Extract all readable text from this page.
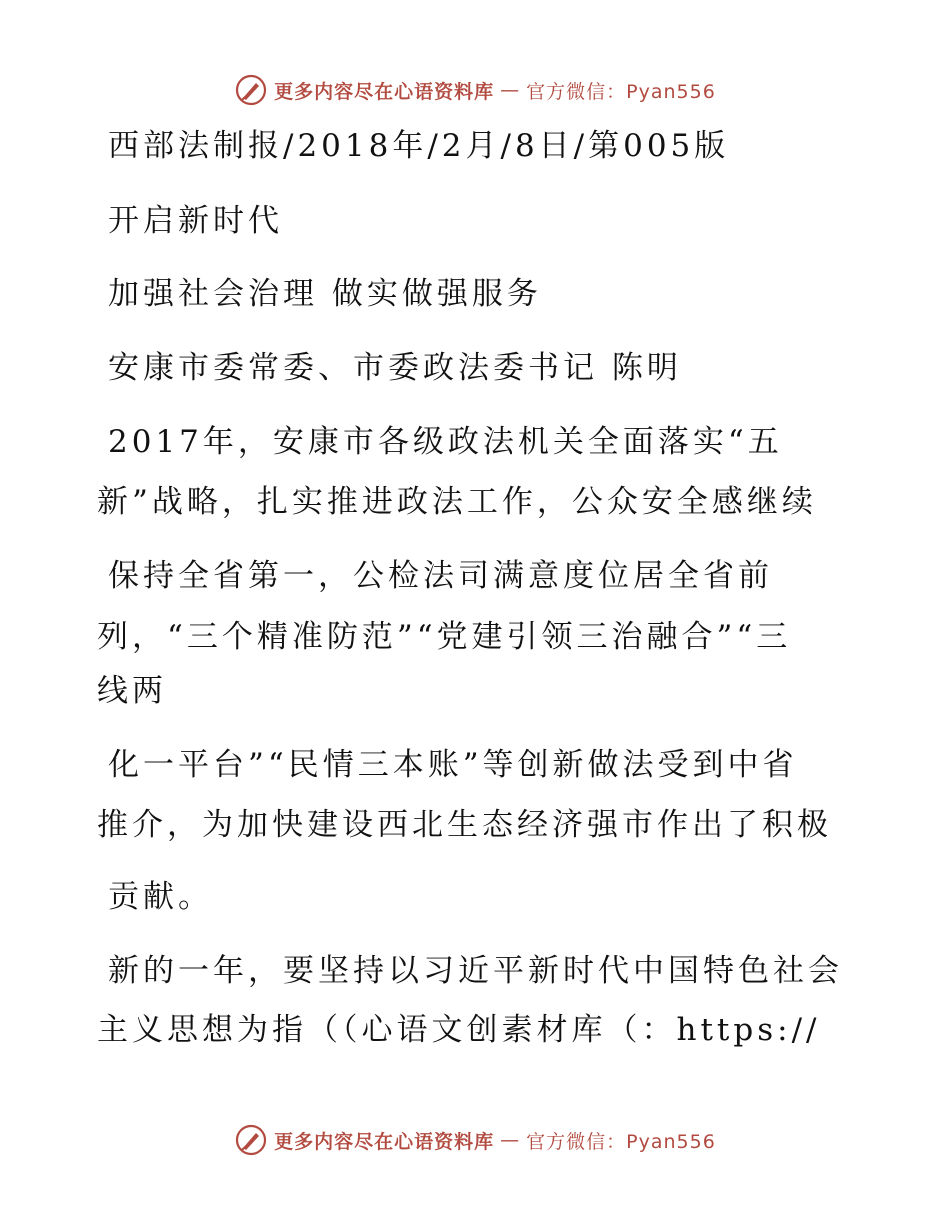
更多内容尽在心语资料库 — 官方微信：Pyan556
西部法制报/2018年/2月/8日/第005版
开启新时代
加强社会治理 做实做强服务
安康市委常委、市委政法委书记 陈明
2017年，安康市各级政法机关全面落实“五
新”战略，扎实推进政法工作，公众安全感继续
保持全省第一，公检法司满意度位居全省前
列，“三个精准防范”“党建引领三治融合”“三
线两
化一平台”“民情三本账”等创新做法受到中省
推介，为加快建设西北生态经济强市作出了积极
贡献。
新的一年，要坚持以习近平新时代中国特色社会
主义思想为指（（心语文创素材库（：https://
更多内容尽在心语资料库 — 官方微信：Pyan556
